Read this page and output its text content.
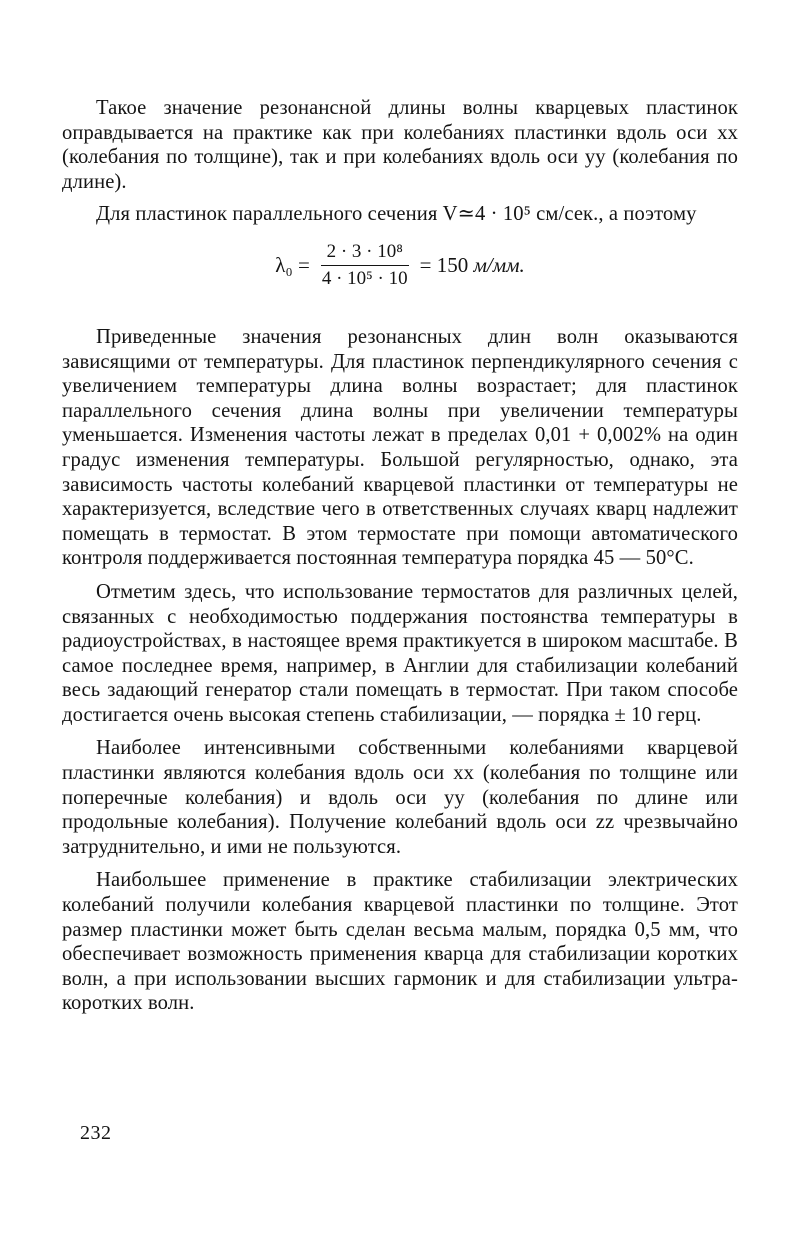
Такое значение резонансной длины волны кварцевых пластинок оправдывается на практике как при колебаниях пластинки вдоль оси xx (колебания по толщине), так и при колебаниях вдоль оси yy (колебания по длине).

Для пластинок параллельного сечения V≃4 · 10⁵ см/сек., а поэтому

$\lambda_0 = \frac{\text{2 · 3 · 10⁸}}{\text{4 · 10⁵ · 10}} = 150$
м/мм.

Приведенные значения резонансных длин волн оказываются зависящими от температуры. Для пластинок перпендикулярного сечения с увеличением температуры длина волны возрастает; для пластинок параллельного сечения длина волны при увеличении температуры уменьшается. Изменения частоты лежат в пределах 0,01 + 0,002% на один градус изменения температуры. Большой регулярностью, однако, эта зависимость частоты колебаний кварцевой пластинки от температуры не характеризуется, вследствие чего в ответственных случаях кварц надлежит помещать в термостат. В этом термостате при помощи автоматического контроля поддерживается постоянная температура порядка 45 — 50°С.

Отметим здесь, что использование термостатов для различных целей, связанных с необходимостью поддержания постоянства температуры в радиоустройствах, в настоящее время практикуется в широком масштабе. В самое последнее время, например, в Англии для стабилизации колебаний весь задающий генератор стали помещать в термостат. При таком способе достигается очень высокая степень стабилизации, — порядка ± 10 герц.

Наиболее интенсивными собственными колебаниями кварцевой пластинки являются колебания вдоль оси xx (колебания по толщине или поперечные колебания) и вдоль оси yy (колебания по длине или продольные колебания). Получение колебаний вдоль оси zz чрезвычайно затруднительно, и ими не пользуются.

Наибольшее применение в практике стабилизации электрических колебаний получили колебания кварцевой пластинки по толщине. Этот размер пластинки может быть сделан весьма малым, порядка 0,5 мм, что обеспечивает возможность применения кварца для стабилизации коротких волн, а при использовании высших гармоник и для стабилизации ультра-коротких волн.

232
